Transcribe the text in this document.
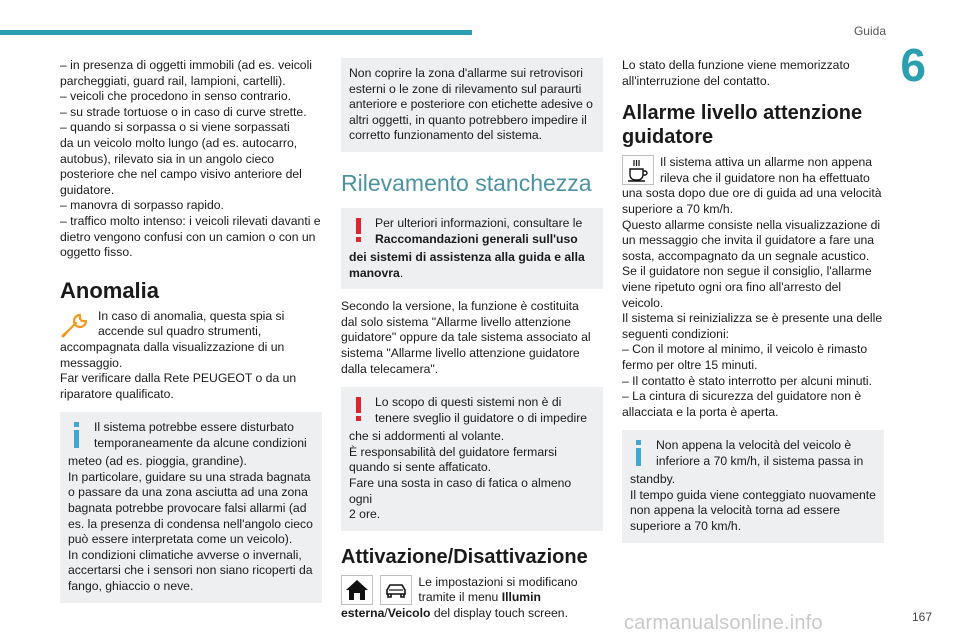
Guida
6
– in presenza di oggetti immobili (ad es. veicoli
parcheggiati, guard rail, lampioni, cartelli).
– veicoli che procedono in senso contrario.
– su strade tortuose o in caso di curve strette.
– quando si sorpassa o si viene sorpassati
da un veicolo molto lungo (ad es. autocarro,
autobus), rilevato sia in un angolo cieco
posteriore che nel campo visivo anteriore del
guidatore.
– manovra di sorpasso rapido.
– traffico molto intenso: i veicoli rilevati davanti e
dietro vengono confusi con un camion o con un
oggetto fisso.
Anomalia
In caso di anomalia, questa spia si
accende sul quadro strumenti,
accompagnata dalla visualizzazione di un
messaggio.
Far verificare dalla Rete PEUGEOT o da un
riparatore qualificato.
Il sistema potrebbe essere disturbato
temporaneamente da alcune condizioni
meteo (ad es. pioggia, grandine).
In particolare, guidare su una strada bagnata
o passare da una zona asciutta ad una zona
bagnata potrebbe provocare falsi allarmi (ad
es. la presenza di condensa nell'angolo cieco
può essere interpretata come un veicolo).
In condizioni climatiche avverse o invernali,
accertarsi che i sensori non siano ricoperti da
fango, ghiaccio o neve.
Non coprire la zona d'allarme sui retrovisori
esterni o le zone di rilevamento sul paraurti
anteriore e posteriore con etichette adesive o
altri oggetti, in quanto potrebbero impedire il
corretto funzionamento del sistema.
Rilevamento stanchezza
Per ulteriori informazioni, consultare le
Raccomandazioni generali sull'uso
dei sistemi di assistenza alla guida e alla
manovra.
Secondo la versione, la funzione è costituita
dal solo sistema "Allarme livello attenzione
guidatore" oppure da tale sistema associato al
sistema "Allarme livello attenzione guidatore
dalla telecamera".
Lo scopo di questi sistemi non è di
tenere sveglio il guidatore o di impedire
che si addormenti al volante.
È responsabilità del guidatore fermarsi
quando si sente affaticato.
Fare una sosta in caso di fatica o almeno ogni
2 ore.
Attivazione/Disattivazione

Le impostazioni si modificano
tramite il menu Illumin
esterna/Veicolo del display touch screen.
Lo stato della funzione viene memorizzato
all'interruzione del contatto.
Allarme livello attenzione
guidatore
Il sistema attiva un allarme non appena
rileva che il guidatore non ha effettuato
una sosta dopo due ore di guida ad una velocità
superiore a 70 km/h.
Questo allarme consiste nella visualizzazione di
un messaggio che invita il guidatore a fare una
sosta, accompagnato da un segnale acustico.
Se il guidatore non segue il consiglio, l'allarme
viene ripetuto ogni ora fino all'arresto del veicolo.
Il sistema si reinizializza se è presente una delle
seguenti condizioni:
– Con il motore al minimo, il veicolo è rimasto
fermo per oltre 15 minuti.
– Il contatto è stato interrotto per alcuni minuti.
– La cintura di sicurezza del guidatore non è
allacciata e la porta è aperta.
Non appena la velocità del veicolo è
inferiore a 70 km/h, il sistema passa in
standby.
Il tempo guida viene conteggiato nuovamente
non appena la velocità torna ad essere
superiore a 70 km/h.
carmanualsonline.info	167
